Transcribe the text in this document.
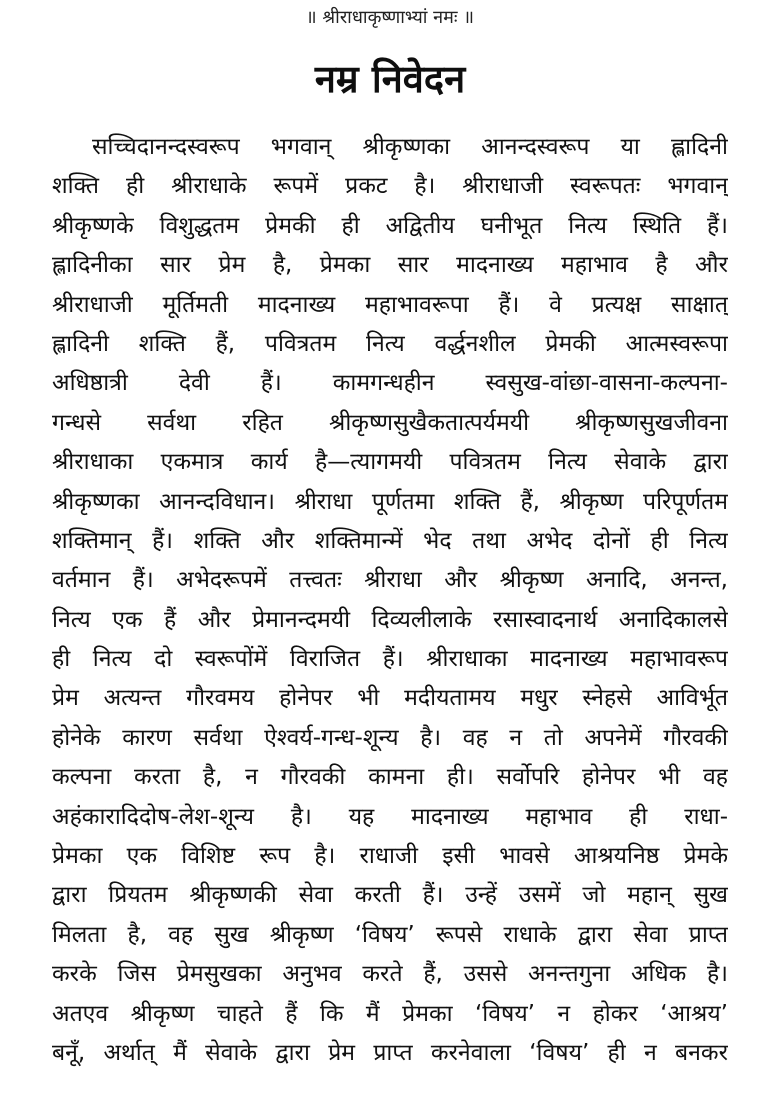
॥ श्रीराधाकृष्णाभ्यां नमः ॥
नम्र निवेदन
सच्चिदानन्दस्वरूप भगवान् श्रीकृष्णका आनन्दस्वरूप या ह्लादिनी
शक्ति ही श्रीराधाके रूपमें प्रकट है। श्रीराधाजी स्वरूपतः भगवान्
श्रीकृष्णके विशुद्धतम प्रेमकी ही अद्वितीय घनीभूत नित्य स्थिति हैं।
ह्लादिनीका सार प्रेम है, प्रेमका सार मादनाख्य महाभाव है और
श्रीराधाजी मूर्तिमती मादनाख्य महाभावरूपा हैं। वे प्रत्यक्ष साक्षात्
ह्लादिनी शक्ति हैं, पवित्रतम नित्य वर्द्धनशील प्रेमकी आत्मस्वरूपा
अधिष्ठात्री देवी हैं। कामगन्धहीन स्वसुख-वांछा-वासना-कल्पना-
गन्धसे सर्वथा रहित श्रीकृष्णसुखैकतात्पर्यमयी श्रीकृष्णसुखजीवना
श्रीराधाका एकमात्र कार्य है—त्यागमयी पवित्रतम नित्य सेवाके द्वारा
श्रीकृष्णका आनन्दविधान। श्रीराधा पूर्णतमा शक्ति हैं, श्रीकृष्ण परिपूर्णतम
शक्तिमान् हैं। शक्ति और शक्तिमान्में भेद तथा अभेद दोनों ही नित्य
वर्तमान हैं। अभेदरूपमें तत्त्वतः श्रीराधा और श्रीकृष्ण अनादि, अनन्त,
नित्य एक हैं और प्रेमानन्दमयी दिव्यलीलाके रसास्वादनार्थ अनादिकालसे
ही नित्य दो स्वरूपोंमें विराजित हैं। श्रीराधाका मादनाख्य महाभावरूप
प्रेम अत्यन्त गौरवमय होनेपर भी मदीयतामय मधुर स्नेहसे आविर्भूत
होनेके कारण सर्वथा ऐश्वर्य-गन्ध-शून्य है। वह न तो अपनेमें गौरवकी
कल्पना करता है, न गौरवकी कामना ही। सर्वोपरि होनेपर भी वह
अहंकारादिदोष-लेश-शून्य है। यह मादनाख्य महाभाव ही राधा-
प्रेमका एक विशिष्ट रूप है। राधाजी इसी भावसे आश्रयनिष्ठ प्रेमके
द्वारा प्रियतम श्रीकृष्णकी सेवा करती हैं। उन्हें उसमें जो महान् सुख
मिलता है, वह सुख श्रीकृष्ण ‘विषय’ रूपसे राधाके द्वारा सेवा प्राप्त
करके जिस प्रेमसुखका अनुभव करते हैं, उससे अनन्तगुना अधिक है।
अतएव श्रीकृष्ण चाहते हैं कि मैं प्रेमका ‘विषय’ न होकर ‘आश्रय’
बनूँ, अर्थात् मैं सेवाके द्वारा प्रेम प्राप्त करनेवाला ‘विषय’ ही न बनकर
